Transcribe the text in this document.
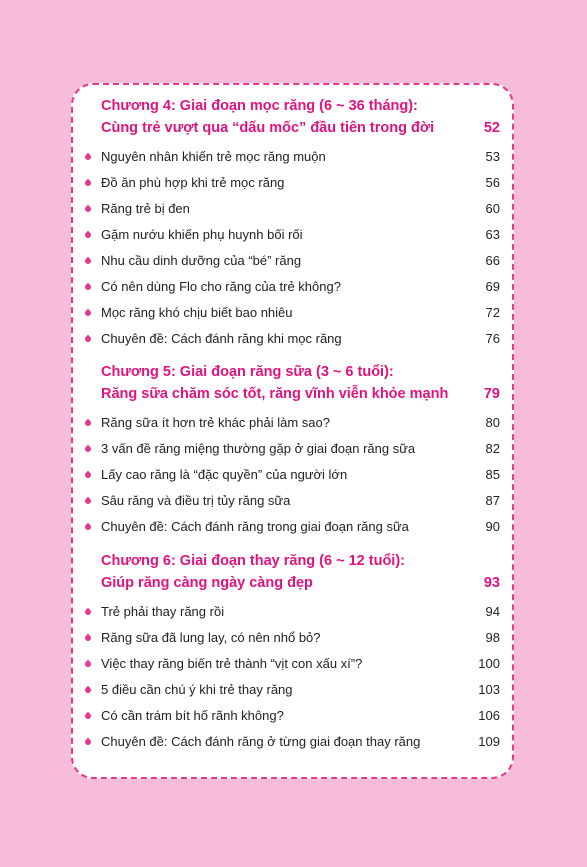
Chương 4: Giai đoạn mọc răng (6 ~ 36 tháng):
Cùng trẻ vượt qua “dấu mốc” đầu tiên trong đời	52
Nguyên nhân khiến trẻ mọc răng muộn	53
Đồ ăn phù hợp khi trẻ mọc răng	56
Răng trẻ bị đen	60
Gặm nướu khiến phụ huynh bối rối	63
Nhu cầu dinh dưỡng của “bé” răng	66
Có nên dùng Flo cho răng của trẻ không?	69
Mọc răng khó chịu biết bao nhiêu	72
Chuyên đề: Cách đánh răng khi mọc răng	76
Chương 5: Giai đoạn răng sữa (3 ~ 6 tuổi):
Răng sữa chăm sóc tốt, răng vĩnh viễn khỏe mạnh	79
Răng sữa ít hơn trẻ khác phải làm sao?	80
3 vấn đề răng miệng thường gặp ở giai đoạn răng sữa	82
Lấy cao răng là “đặc quyền” của người lớn	85
Sâu răng và điều trị tủy răng sữa	87
Chuyên đề: Cách đánh răng trong giai đoạn răng sữa	90
Chương 6: Giai đoạn thay răng (6 ~ 12 tuổi):
Giúp răng càng ngày càng đẹp	93
Trẻ phải thay răng rồi	94
Răng sữa đã lung lay, có nên nhổ bỏ?	98
Việc thay răng biến trẻ thành “vịt con xấu xí”?	100
5 điều cần chú ý khi trẻ thay răng	103
Có cần trám bít hố rãnh không?	106
Chuyên đề: Cách đánh răng ở từng giai đoạn thay răng	109
